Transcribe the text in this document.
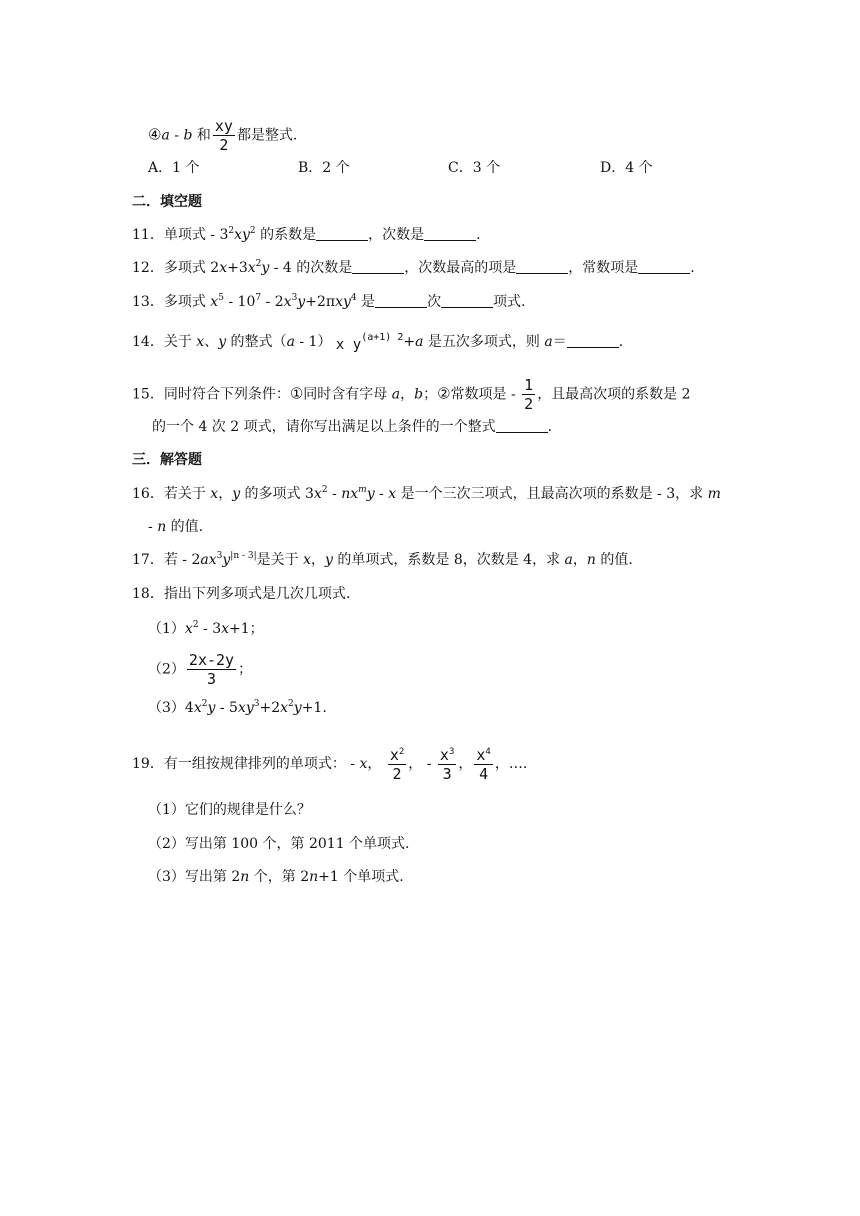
④a - b 和 $\frac{xy}{2}$ 都是整式.
A．1 个	B．2 个	C．3 个	D．4 个
二．填空题
11．单项式 - $3^2xy^2$ 的系数是	，次数是	.
12．多项式 $2x+3x^2y - 4$ 的次数是	，次数最高的项是	，常数项是	.
13．多项式 $x^5 - 10^7 - 2x^3y+2\pi xy^4$ 是	次	项式.
14．关于 x、y 的整式（a - 1） x $y^{(a+1) 2}+a$ 是五次多项式，则 a＝	.
15．同时符合下列条件：①同时含有字母 a，b；②常数项是 - $\frac{1}{2}$ ，且最高次项的系数是 2
的一个 4 次 2 项式，请你写出满足以上条件的一个整式	.
三．解答题
16．若关于 x，y 的多项式 $3x^2 - nx^my$ - x 是一个三次三项式，且最高次项的系数是 - 3，求 m
- n 的值.
17．若 - $2ax^3y^{|n - 3|}$是关于 x，y 的单项式，系数是 8，次数是 4，求 a，n 的值.
18．指出下列多项式是几次几项式.
$(1)x^2 - 3x+1$；
$(2) \frac{2x-2y}{3}$ ；
$(3)4x^2y - 5xy^3+2x^2y+1$.
19．有一组按规律排列的单项式： - x， $\frac{x^2}{2}$ ， - $\frac{x^3}{3}$ ， $\frac{x^4}{4}$ ，….
（1）它们的规律是什么？
（2）写出第 100 个，第 2011 个单项式.
（3）写出第 2n 个，第 2n+1 个单项式.
